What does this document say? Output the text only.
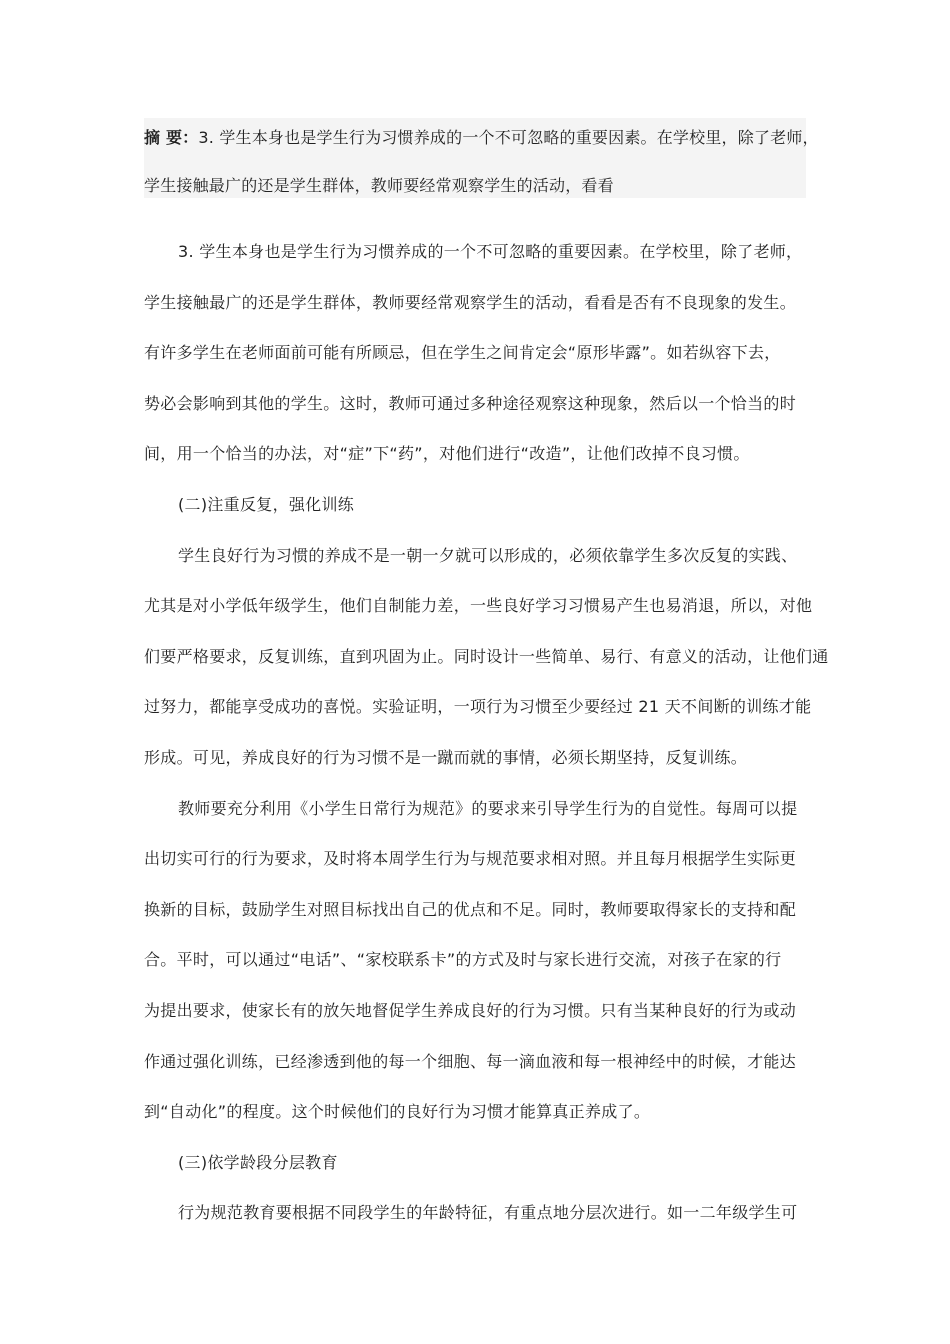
摘 要：3. 学生本身也是学生行为习惯养成的一个不可忽略的重要因素。在学校里，除了老师，
学生接触最广的还是学生群体，教师要经常观察学生的活动，看看
3. 学生本身也是学生行为习惯养成的一个不可忽略的重要因素。在学校里，除了老师，
学生接触最广的还是学生群体，教师要经常观察学生的活动，看看是否有不良现象的发生。
有许多学生在老师面前可能有所顾忌，但在学生之间肯定会“原形毕露”。如若纵容下去，
势必会影响到其他的学生。这时，教师可通过多种途径观察这种现象，然后以一个恰当的时
间，用一个恰当的办法，对“症”下“药”，对他们进行“改造”，让他们改掉不良习惯。
(二)注重反复，强化训练
学生良好行为习惯的养成不是一朝一夕就可以形成的，必须依靠学生多次反复的实践、
尤其是对小学低年级学生，他们自制能力差，一些良好学习习惯易产生也易消退，所以，对他
们要严格要求，反复训练，直到巩固为止。同时设计一些简单、易行、有意义的活动，让他们通
过努力，都能享受成功的喜悦。实验证明，一项行为习惯至少要经过 21 天不间断的训练才能
形成。可见，养成良好的行为习惯不是一蹴而就的事情，必须长期坚持，反复训练。
教师要充分利用《小学生日常行为规范》的要求来引导学生行为的自觉性。每周可以提
出切实可行的行为要求，及时将本周学生行为与规范要求相对照。并且每月根据学生实际更
换新的目标，鼓励学生对照目标找出自己的优点和不足。同时，教师要取得家长的支持和配
合。平时，可以通过“电话”、“家校联系卡”的方式及时与家长进行交流，对孩子在家的行
为提出要求，使家长有的放矢地督促学生养成良好的行为习惯。只有当某种良好的行为或动
作通过强化训练，已经渗透到他的每一个细胞、每一滴血液和每一根神经中的时候，才能达
到“自动化”的程度。这个时候他们的良好行为习惯才能算真正养成了。
(三)依学龄段分层教育
行为规范教育要根据不同段学生的年龄特征，有重点地分层次进行。如一二年级学生可
